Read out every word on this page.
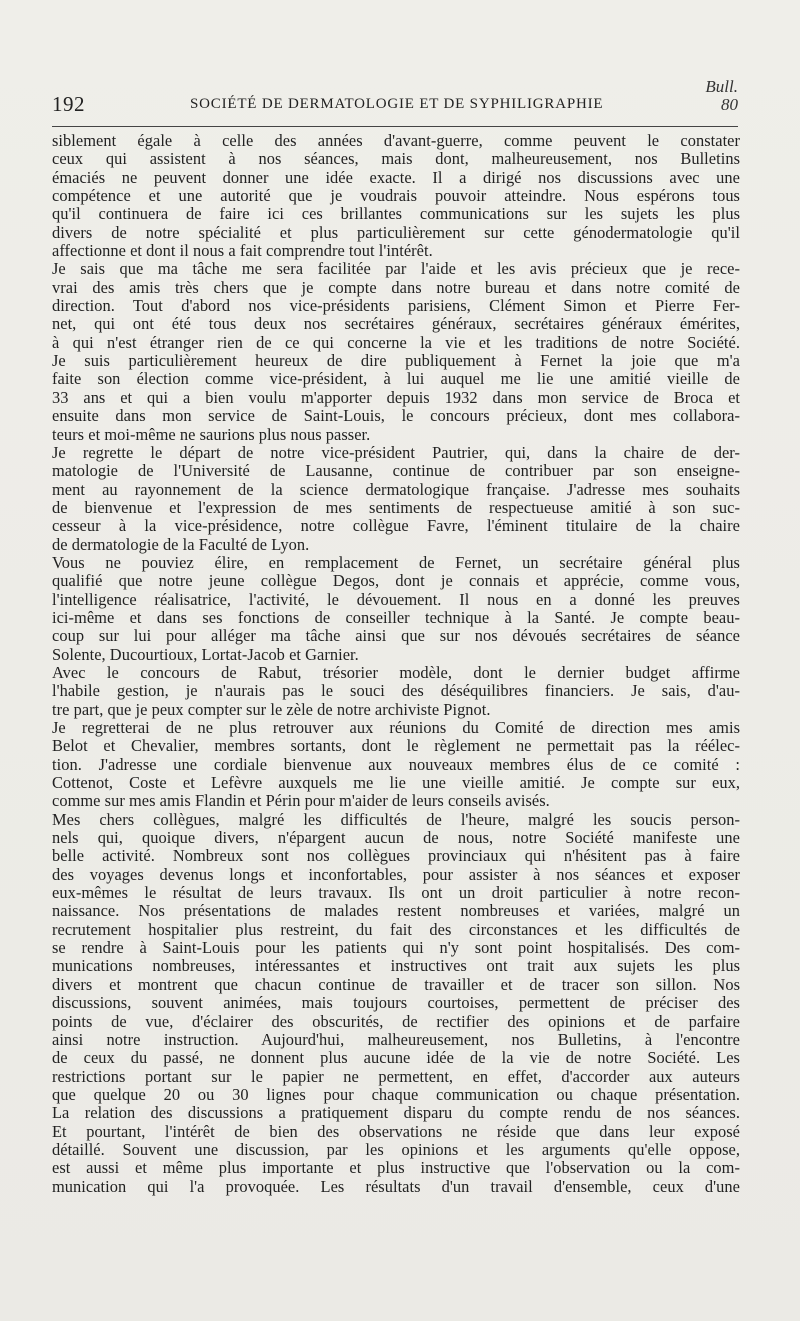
Bull.
80
192	SOCIÉTÉ DE DERMATOLOGIE ET DE SYPHILIGRAPHIE
siblement égale à celle des années d'avant-guerre, comme peuvent le constater
ceux qui assistent à nos séances, mais dont, malheureusement, nos Bulletins
émaciés ne peuvent donner une idée exacte. Il a dirigé nos discussions avec une
compétence et une autorité que je voudrais pouvoir atteindre. Nous espérons tous
qu'il continuera de faire ici ces brillantes communications sur les sujets les plus
divers de notre spécialité et plus particulièrement sur cette génodermatologie qu'il
affectionne et dont il nous a fait comprendre tout l'intérêt.
Je sais que ma tâche me sera facilitée par l'aide et les avis précieux que je rece-
vrai des amis très chers que je compte dans notre bureau et dans notre comité de
direction. Tout d'abord nos vice-présidents parisiens, Clément Simon et Pierre Fer-
net, qui ont été tous deux nos secrétaires généraux, secrétaires généraux émérites,
à qui n'est étranger rien de ce qui concerne la vie et les traditions de notre Société.
Je suis particulièrement heureux de dire publiquement à Fernet la joie que m'a
faite son élection comme vice-président, à lui auquel me lie une amitié vieille de
33 ans et qui a bien voulu m'apporter depuis 1932 dans mon service de Broca et
ensuite dans mon service de Saint-Louis, le concours précieux, dont mes collabora-
teurs et moi-même ne saurions plus nous passer.
Je regrette le départ de notre vice-président Pautrier, qui, dans la chaire de der-
matologie de l'Université de Lausanne, continue de contribuer par son enseigne-
ment au rayonnement de la science dermatologique française. J'adresse mes souhaits
de bienvenue et l'expression de mes sentiments de respectueuse amitié à son suc-
cesseur à la vice-présidence, notre collègue Favre, l'éminent titulaire de la chaire
de dermatologie de la Faculté de Lyon.
Vous ne pouviez élire, en remplacement de Fernet, un secrétaire général plus
qualifié que notre jeune collègue Degos, dont je connais et apprécie, comme vous,
l'intelligence réalisatrice, l'activité, le dévouement. Il nous en a donné les preuves
ici-même et dans ses fonctions de conseiller technique à la Santé. Je compte beau-
coup sur lui pour alléger ma tâche ainsi que sur nos dévoués secrétaires de séance
Solente, Ducourtioux, Lortat-Jacob et Garnier.
Avec le concours de Rabut, trésorier modèle, dont le dernier budget affirme
l'habile gestion, je n'aurais pas le souci des déséquilibres financiers. Je sais, d'au-
tre part, que je peux compter sur le zèle de notre archiviste Pignot.
Je regretterai de ne plus retrouver aux réunions du Comité de direction mes amis
Belot et Chevalier, membres sortants, dont le règlement ne permettait pas la réélec-
tion. J'adresse une cordiale bienvenue aux nouveaux membres élus de ce comité :
Cottenot, Coste et Lefèvre auxquels me lie une vieille amitié. Je compte sur eux,
comme sur mes amis Flandin et Périn pour m'aider de leurs conseils avisés.
Mes chers collègues, malgré les difficultés de l'heure, malgré les soucis person-
nels qui, quoique divers, n'épargent aucun de nous, notre Société manifeste une
belle activité. Nombreux sont nos collègues provinciaux qui n'hésitent pas à faire
des voyages devenus longs et inconfortables, pour assister à nos séances et exposer
eux-mêmes le résultat de leurs travaux. Ils ont un droit particulier à notre recon-
naissance. Nos présentations de malades restent nombreuses et variées, malgré un
recrutement hospitalier plus restreint, du fait des circonstances et les difficultés de
se rendre à Saint-Louis pour les patients qui n'y sont point hospitalisés. Des com-
munications nombreuses, intéressantes et instructives ont trait aux sujets les plus
divers et montrent que chacun continue de travailler et de tracer son sillon. Nos
discussions, souvent animées, mais toujours courtoises, permettent de préciser des
points de vue, d'éclairer des obscurités, de rectifier des opinions et de parfaire
ainsi notre instruction. Aujourd'hui, malheureusement, nos Bulletins, à l'encontre
de ceux du passé, ne donnent plus aucune idée de la vie de notre Société. Les
restrictions portant sur le papier ne permettent, en effet, d'accorder aux auteurs
que quelque 20 ou 30 lignes pour chaque communication ou chaque présentation.
La relation des discussions a pratiquement disparu du compte rendu de nos séances.
Et pourtant, l'intérêt de bien des observations ne réside que dans leur exposé
détaillé. Souvent une discussion, par les opinions et les arguments qu'elle oppose,
est aussi et même plus importante et plus instructive que l'observation ou la com-
munication qui l'a provoquée. Les résultats d'un travail d'ensemble, ceux d'une
